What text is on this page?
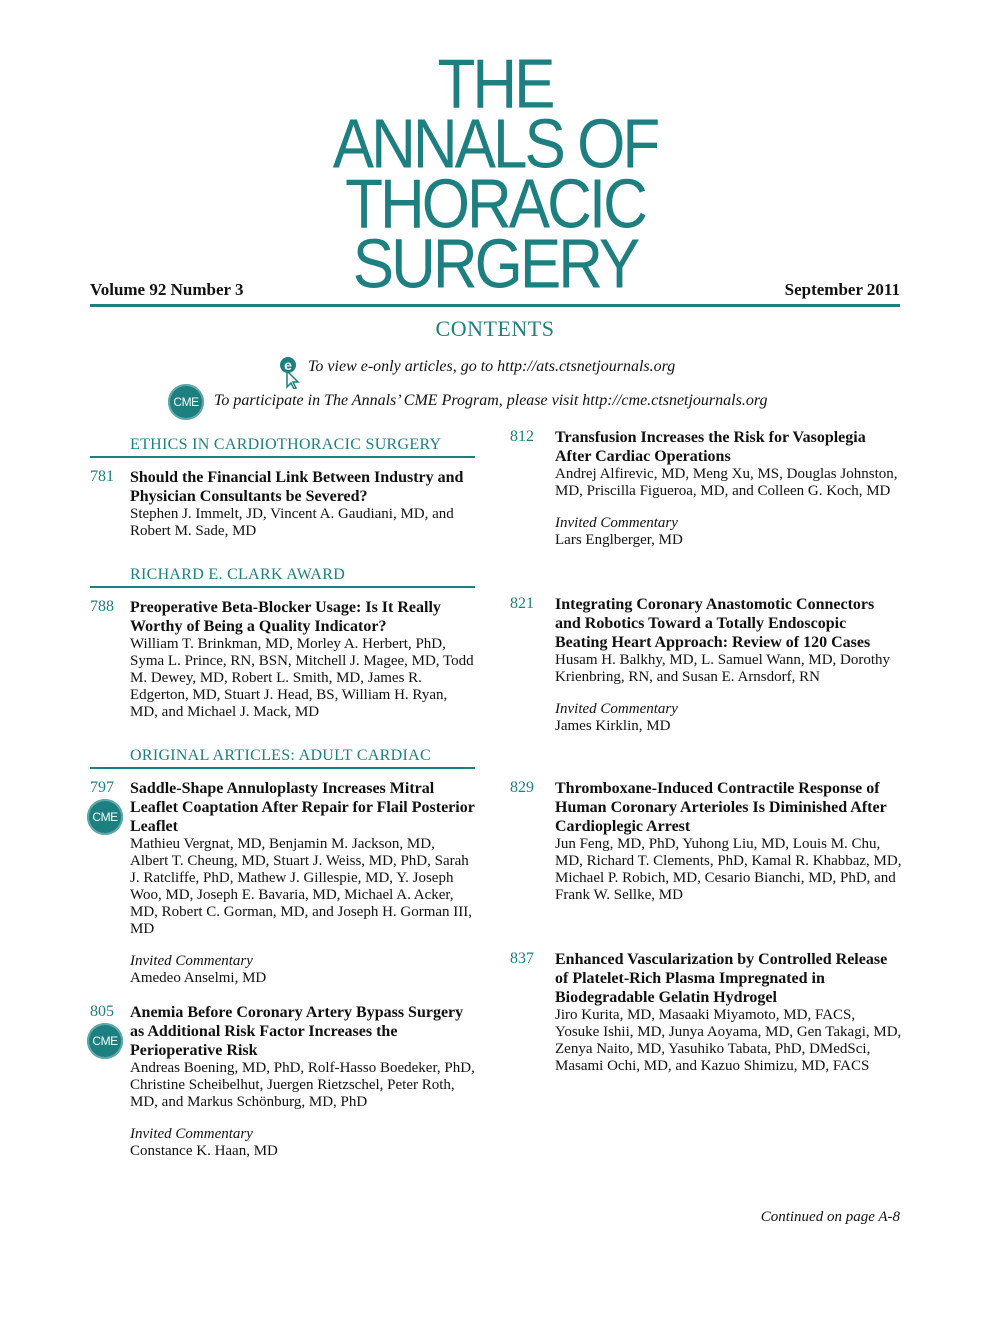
THE
ANNALS OF
THORACIC
SURGERY
Volume 92 Number 3	September 2011
CONTENTS
e To view e-only articles, go to http://ats.ctsnetjournals.org
CME To participate in The Annals’ CME Program, please visit http://cme.ctsnetjournals.org
ETHICS IN CARDIOTHORACIC SURGERY
781 Should the Financial Link Between Industry and Physician Consultants be Severed?
Stephen J. Immelt, JD, Vincent A. Gaudiani, MD, and Robert M. Sade, MD
RICHARD E. CLARK AWARD
788 Preoperative Beta-Blocker Usage: Is It Really Worthy of Being a Quality Indicator?
William T. Brinkman, MD, Morley A. Herbert, PhD, Syma L. Prince, RN, BSN, Mitchell J. Magee, MD, Todd M. Dewey, MD, Robert L. Smith, MD, James R. Edgerton, MD, Stuart J. Head, BS, William H. Ryan, MD, and Michael J. Mack, MD
ORIGINAL ARTICLES: ADULT CARDIAC
797
CME
Saddle-Shape Annuloplasty Increases Mitral Leaflet Coaptation After Repair for Flail Posterior Leaflet
Mathieu Vergnat, MD, Benjamin M. Jackson, MD, Albert T. Cheung, MD, Stuart J. Weiss, MD, PhD, Sarah J. Ratcliffe, PhD, Mathew J. Gillespie, MD, Y. Joseph Woo, MD, Joseph E. Bavaria, MD, Michael A. Acker, MD, Robert C. Gorman, MD, and Joseph H. Gorman III, MD
Invited Commentary
Amedeo Anselmi, MD
805
CME
Anemia Before Coronary Artery Bypass Surgery as Additional Risk Factor Increases the Perioperative Risk
Andreas Boening, MD, PhD, Rolf-Hasso Boedeker, PhD, Christine Scheibelhut, Juergen Rietzschel, Peter Roth, MD, and Markus Schönburg, MD, PhD
Invited Commentary
Constance K. Haan, MD
812 Transfusion Increases the Risk for Vasoplegia After Cardiac Operations
Andrej Alfirevic, MD, Meng Xu, MS, Douglas Johnston, MD, Priscilla Figueroa, MD, and Colleen G. Koch, MD
Invited Commentary
Lars Englberger, MD
821 Integrating Coronary Anastomotic Connectors and Robotics Toward a Totally Endoscopic Beating Heart Approach: Review of 120 Cases
Husam H. Balkhy, MD, L. Samuel Wann, MD, Dorothy Krienbring, RN, and Susan E. Arnsdorf, RN
Invited Commentary
James Kirklin, MD
829 Thromboxane-Induced Contractile Response of Human Coronary Arterioles Is Diminished After Cardioplegic Arrest
Jun Feng, MD, PhD, Yuhong Liu, MD, Louis M. Chu, MD, Richard T. Clements, PhD, Kamal R. Khabbaz, MD, Michael P. Robich, MD, Cesario Bianchi, MD, PhD, and Frank W. Sellke, MD
837 Enhanced Vascularization by Controlled Release of Platelet-Rich Plasma Impregnated in Biodegradable Gelatin Hydrogel
Jiro Kurita, MD, Masaaki Miyamoto, MD, FACS, Yosuke Ishii, MD, Junya Aoyama, MD, Gen Takagi, MD, Zenya Naito, MD, Yasuhiko Tabata, PhD, DMedSci, Masami Ochi, MD, and Kazuo Shimizu, MD, FACS
Continued on page A-8
